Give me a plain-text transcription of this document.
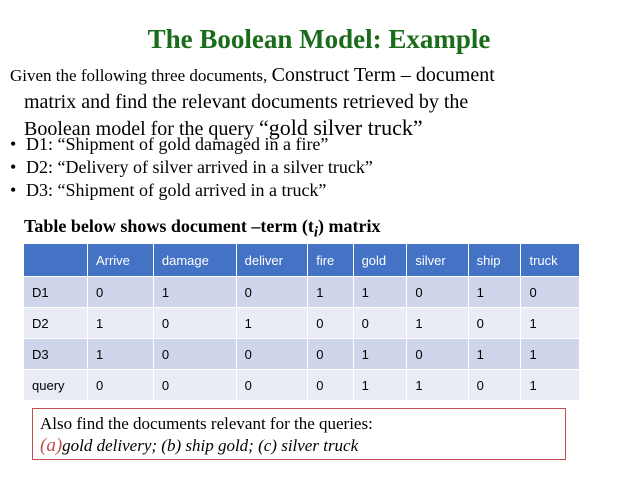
The Boolean Model: Example
Given the following three documents, Construct Term – document
matrix and find the relevant documents retrieved by the
Boolean model for the query “gold silver truck”
• D1: “Shipment of gold damaged in a fire”
• D2: “Delivery of silver arrived in a silver truck”
• D3: “Shipment of gold arrived in a truck”
Table below shows document –term $(t_i)$ matrix
	Arrive	damage	deliver	fire	gold	silver	ship	truck
D1	0	1	0	1	1	0	1	0
D2	1	0	1	0	0	1	0	1
D3	1	0	0	0	1	0	1	1
query	0	0	0	0	1	1	0	1
Also find the documents relevant for the queries:
(a)gold delivery; (b) ship gold; (c) silver truck
